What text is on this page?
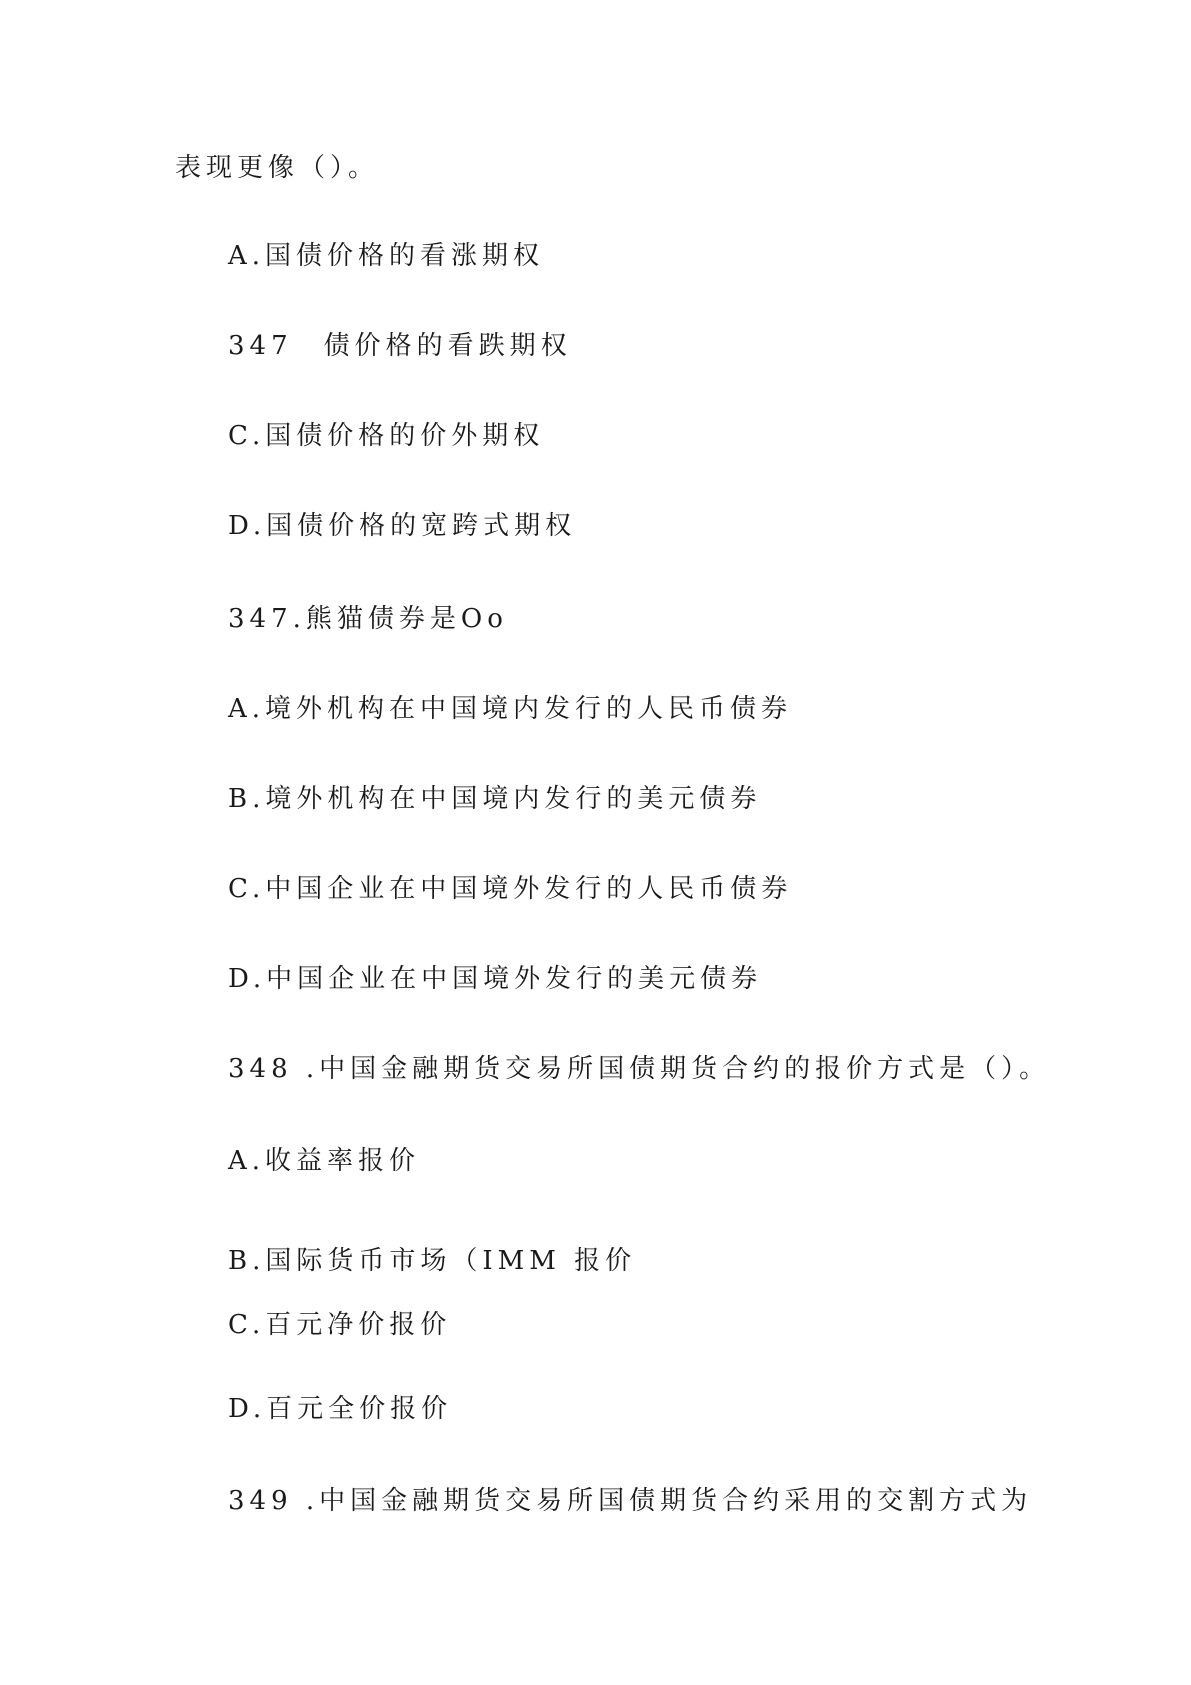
表现更像（）。
A.国债价格的看涨期权
347　债价格的看跌期权
C.国债价格的价外期权
D.国债价格的宽跨式期权
347.熊猫债券是Oo
A.境外机构在中国境内发行的人民币债券
B.境外机构在中国境内发行的美元债券
C.中国企业在中国境外发行的人民币债券
D.中国企业在中国境外发行的美元债券
348 .中国金融期货交易所国债期货合约的报价方式是（）。
A.收益率报价
B.国际货币市场（IMM 报价
C.百元净价报价
D.百元全价报价
349 .中国金融期货交易所国债期货合约采用的交割方式为
